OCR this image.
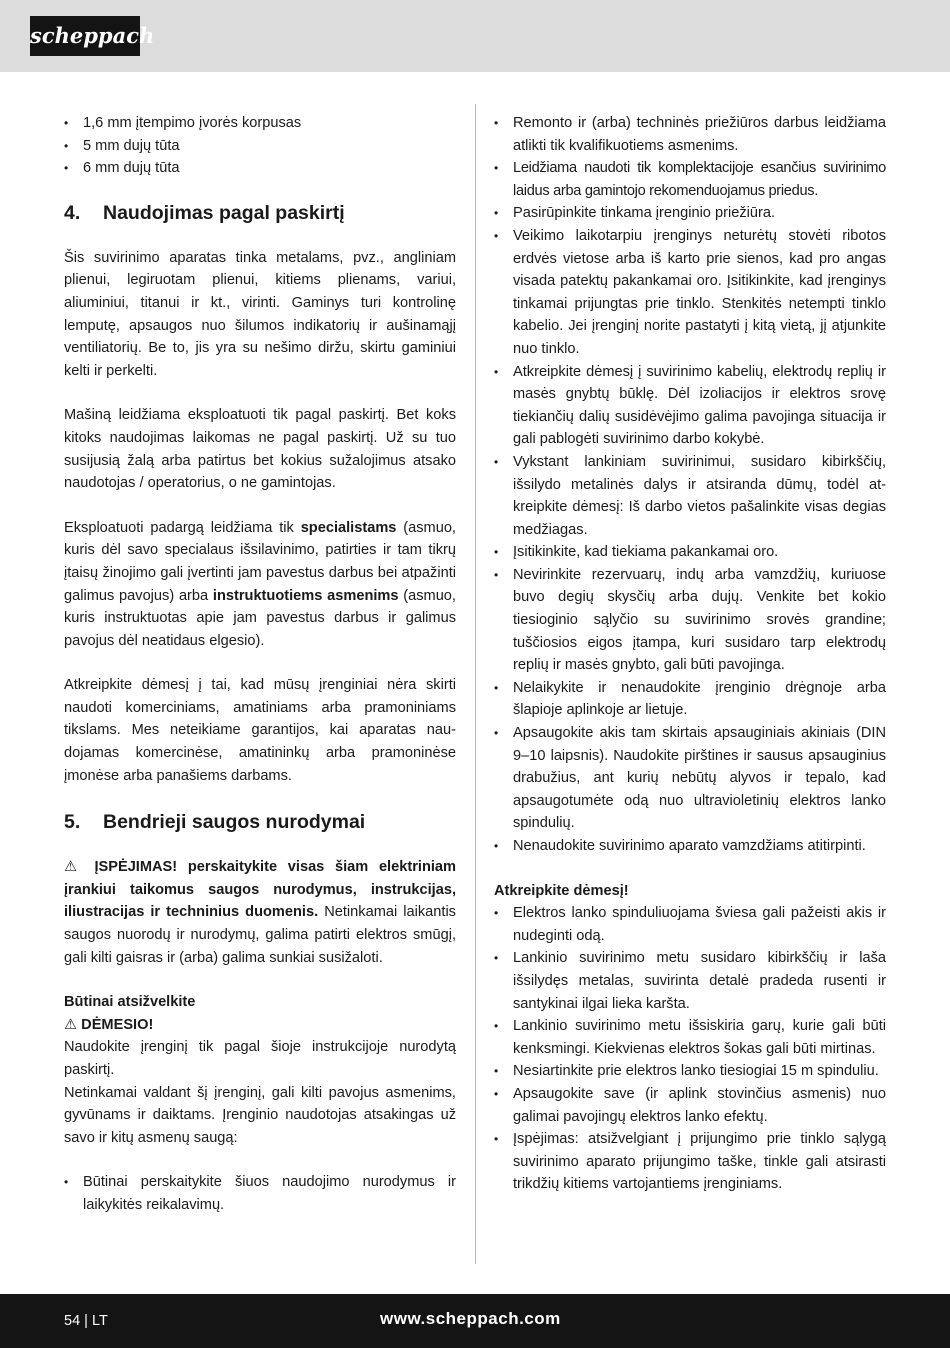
scheppach
• 1,6 mm įtempimo įvorės korpusas
• 5 mm dujų tūta
• 6 mm dujų tūta
4.	Naudojimas pagal paskirtį

Šis suvirinimo aparatas tinka metalams, pvz., angliniam plienui, legiruotam plienui, kitiems plienams, variui, aliuminiui, titanui ir kt., virinti. Gaminys turi kontrolinę lemputę, apsaugos nuo šilumos indikatorių ir aušinamąjį ventiliatorių. Be to, jis yra su nešimo diržu, skirtu gaminiui kelti ir perkelti.

Mašiną leidžiama eksploatuoti tik pagal paskirtį. Bet koks kitoks naudojimas laikomas ne pagal paskirtį. Už su tuo susijusią žalą arba patirtus bet kokius sužalojimus atsako naudotojas / operatorius, o ne gamintojas.

Eksploatuoti padargą leidžiama tik specialistams (asmuo, kuris dėl savo specialaus išsilavinimo, patirties ir tam tikrų įtaisų žinojimo gali įvertinti jam pavestus darbus bei atpažinti galimus pavojus) arba instruktuotiems asmenims (asmuo, kuris instruktuotas apie jam pavestus darbus ir galimus pavojus dėl neatidaus elgesio).

Atkreipkite dėmesį į tai, kad mūsų įrenginiai nėra skirti naudoti komerciniams, amatiniams arba pramoniniams tikslams. Mes neteikiame garantijos, kai aparatas naudojamas komercinėse, amatininkų arba pramoninėse įmonėse arba panašiems darbams.

5.	Bendrieji saugos nurodymai

⚠ ĮSPĖJIMAS! perskaitykite visas šiam elektriniam įrankiui taikomus saugos nurodymus, instrukcijas, iliustracijas ir techninius duomenis. Netinkamai laikantis saugos nuorodų ir nurodymų, galima patirti elektros smūgį, gali kilti gaisras ir (arba) galima sunkiai susižaloti.

Būtinai atsižvelkite

⚠ DĖMESIO!

Naudokite įrenginį tik pagal šioje instrukcijoje nurodytą paskirtį.

Netinkamai valdant šį įrenginį, gali kilti pavojus asmenims, gyvūnams ir daiktams. Įrenginio naudotojas atsakingas už savo ir kitų asmenų saugą:

• Būtinai perskaitykite šiuos naudojimo nurodymus ir laikykitės reikalavimų.
• Remonto ir (arba) techninės priežiūros darbus leidžiama atlikti tik kvalifikuotiems asmenims.
• Leidžiama naudoti tik komplektacijoje esančius suvirinimo laidus arba gamintojo rekomenduojamus priedus.
• Pasirūpinkite tinkama įrenginio priežiūra.
• Veikimo laikotarpiu įrenginys neturėtų stovėti ribotos erdvės vietose arba iš karto prie sienos, kad pro angas visada patektų pakankamai oro. Įsitikinkite, kad įrenginys tinkamai prijungtas prie tinklo. Stenkitės netempti tinklo kabelio. Jei įrenginį norite pastatyti į kitą vietą, jį atjunkite nuo tinklo.
• Atkreipkite dėmesį į suvirinimo kabelių, elektrodų replių ir masės gnybtų būklę. Dėl izoliacijos ir elektros srovę tiekiančių dalių susidėvėjimo galima pavojinga situacija ir gali pablogėti suvirinimo darbo kokybė.
• Vykstant lankiniam suvirinimui, susidaro kibirkščių, išsilydo metalinės dalys ir atsiranda dūmų, todėl atkreipkite dėmesį: Iš darbo vietos pašalinkite visas degias medžiagas.
• Įsitikinkite, kad tiekiama pakankamai oro.
• Nevirinkite rezervuarų, indų arba vamzdžių, kuriuose buvo degių skysčių arba dujų. Venkite bet kokio tiesioginio sąlyčio su suvirinimo srovės grandine; tuščiosios eigos įtampa, kuri susidaro tarp elektrodų replių ir masės gnybto, gali būti pavojinga.
• Nelaikykite ir nenaudokite įrenginio drėgnoje arba šlapioje aplinkoje ar lietuje.
• Apsaugokite akis tam skirtais apsauginiais akiniais (DIN 9–10 laipsnis). Naudokite pirštines ir sausus apsauginius drabužius, ant kurių nebūtų alyvos ir tepalo, kad apsaugotumėte odą nuo ultravioletinių elektros lanko spindulių.
• Nenaudokite suvirinimo aparato vamzdžiams atitirpinti.

Atkreipkite dėmesį!

• Elektros lanko spinduliuojama šviesa gali pažeisti akis ir nudeginti odą.
• Lankinio suvirinimo metu susidaro kibirkščių ir laša išsilydęs metalas, suvirinta detalė pradeda rusenti ir santykinai ilgai lieka karšta.
• Lankinio suvirinimo metu išsiskiria garų, kurie gali būti kenksmingi. Kiekvienas elektros šokas gali būti mirtinas.
• Nesiartinkite prie elektros lanko tiesiogiai 15 m spinduliu.
• Apsaugokite save (ir aplink stovinčius asmenis) nuo galimai pavojingų elektros lanko efektų.
• Įspėjimas: atsižvelgiant į prijungimo prie tinklo sąlygą suvirinimo aparato prijungimo taške, tinkle gali atsirasti trikdžių kitiems vartojantiems įrenginiams.
54 | LT	www.scheppach.com
